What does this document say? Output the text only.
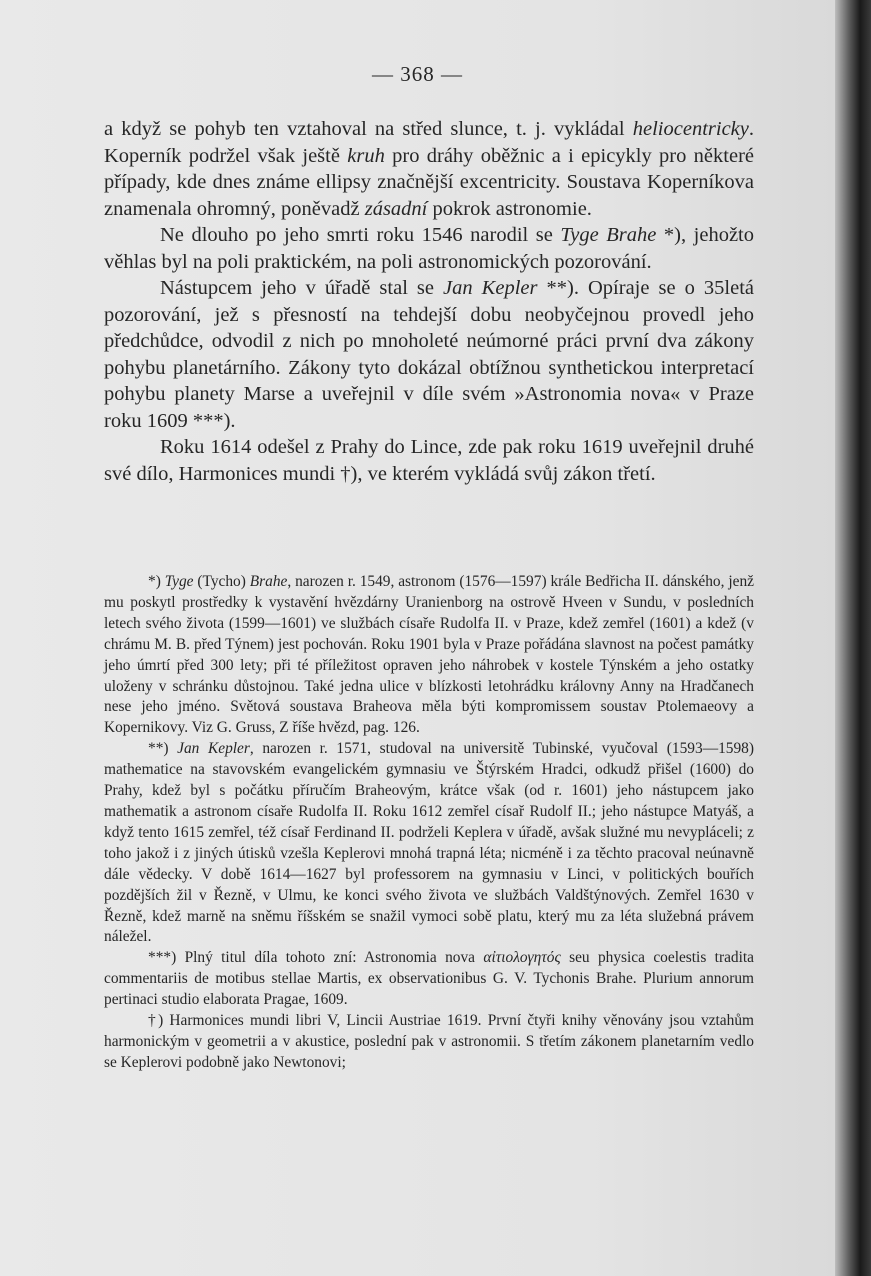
— 368 —

a když se pohyb ten vztahoval na střed slunce, t. j. vykládal heliocentricky. Koperník podržel však ještě kruh pro dráhy oběžnic a i epicykly pro některé případy, kde dnes známe ellipsy značnější excentricity. Soustava Koperníkova znamenala ohromný, poněvadž zásadní pokrok astronomie.

Ne dlouho po jeho smrti roku 1546 narodil se Tyge Brahe *), jehožto věhlas byl na poli praktickém, na poli astronomických pozorování.

Nástupcem jeho v úřadě stal se Jan Kepler **). Opíraje se o 35letá pozorování, jež s přesností na tehdejší dobu neobyčejnou provedl jeho předchůdce, odvodil z nich po mnoholeté neúmorné práci první dva zákony pohybu planetárního. Zákony tyto dokázal obtížnou synthetickou interpretací pohybu planety Marse a uveřejnil v díle svém »Astronomia nova« v Praze roku 1609 ***).

Roku 1614 odešel z Prahy do Lince, zde pak roku 1619 uveřejnil druhé své dílo, Harmonices mundi †), ve kterém vykládá svůj zákon třetí.

*) Tyge (Tycho) Brahe, narozen r. 1549, astronom (1576—1597) krále Bedřicha II. dánského, jenž mu poskytl prostředky k vystavění hvězdárny Uranienborg na ostrově Hveen v Sundu, v posledních letech svého života (1599—1601) ve službách císaře Rudolfa II. v Praze, kdež zemřel (1601) a kdež (v chrámu M. B. před Týnem) jest pochován. Roku 1901 byla v Praze pořádána slavnost na počest památky jeho úmrtí před 300 lety; při té příležitost opraven jeho náhrobek v kostele Týnském a jeho ostatky uloženy v schránku důstojnou. Také jedna ulice v blízkosti letohrádku královny Anny na Hradčanech nese jeho jméno. Světová soustava Braheova měla býti kompromissem soustav Ptolemaeovy a Kopernikovy. Viz G. Gruss, Z říše hvězd, pag. 126.

**) Jan Kepler, narozen r. 1571, studoval na universitě Tubinské, vyučoval (1593—1598) mathematice na stavovském evangelickém gymnasiu ve Štýrském Hradci, odkudž přišel (1600) do Prahy, kdež byl s počátku příručím Braheovým, krátce však (od r. 1601) jeho nástupcem jako mathematik a astronom císaře Rudolfa II. Roku 1612 zemřel císař Rudolf II.; jeho nástupce Matyáš, a když tento 1615 zemřel, též císař Ferdinand II. podrželi Keplera v úřadě, avšak služné mu nevypláceli; z toho jakož i z jiných útisků vzešla Keplerovi mnohá trapná léta; nicméně i za těchto pracoval neúnavně dále vědecky. V době 1614—1627 byl professorem na gymnasiu v Linci, v politických bouřích pozdějších žil v Řezně, v Ulmu, ke konci svého života ve službách Valdštýnových. Zemřel 1630 v Řezně, kdež marně na sněmu říšském se snažil vymoci sobě platu, který mu za léta služebná právem náležel.

***) Plný titul díla tohoto zní: Astronomia nova αἰτιολογητός seu physica coelestis tradita commentariis de motibus stellae Martis, ex observationibus G. V. Tychonis Brahe. Plurium annorum pertinaci studio elaborata Pragae, 1609.

†) Harmonices mundi libri V, Lincii Austriae 1619. První čtyři knihy věnovány jsou vztahům harmonickým v geometrii a v akustice, poslední pak v astronomii. S třetím zákonem planetarním vedlo se Keplerovi podobně jako Newtonovi;
